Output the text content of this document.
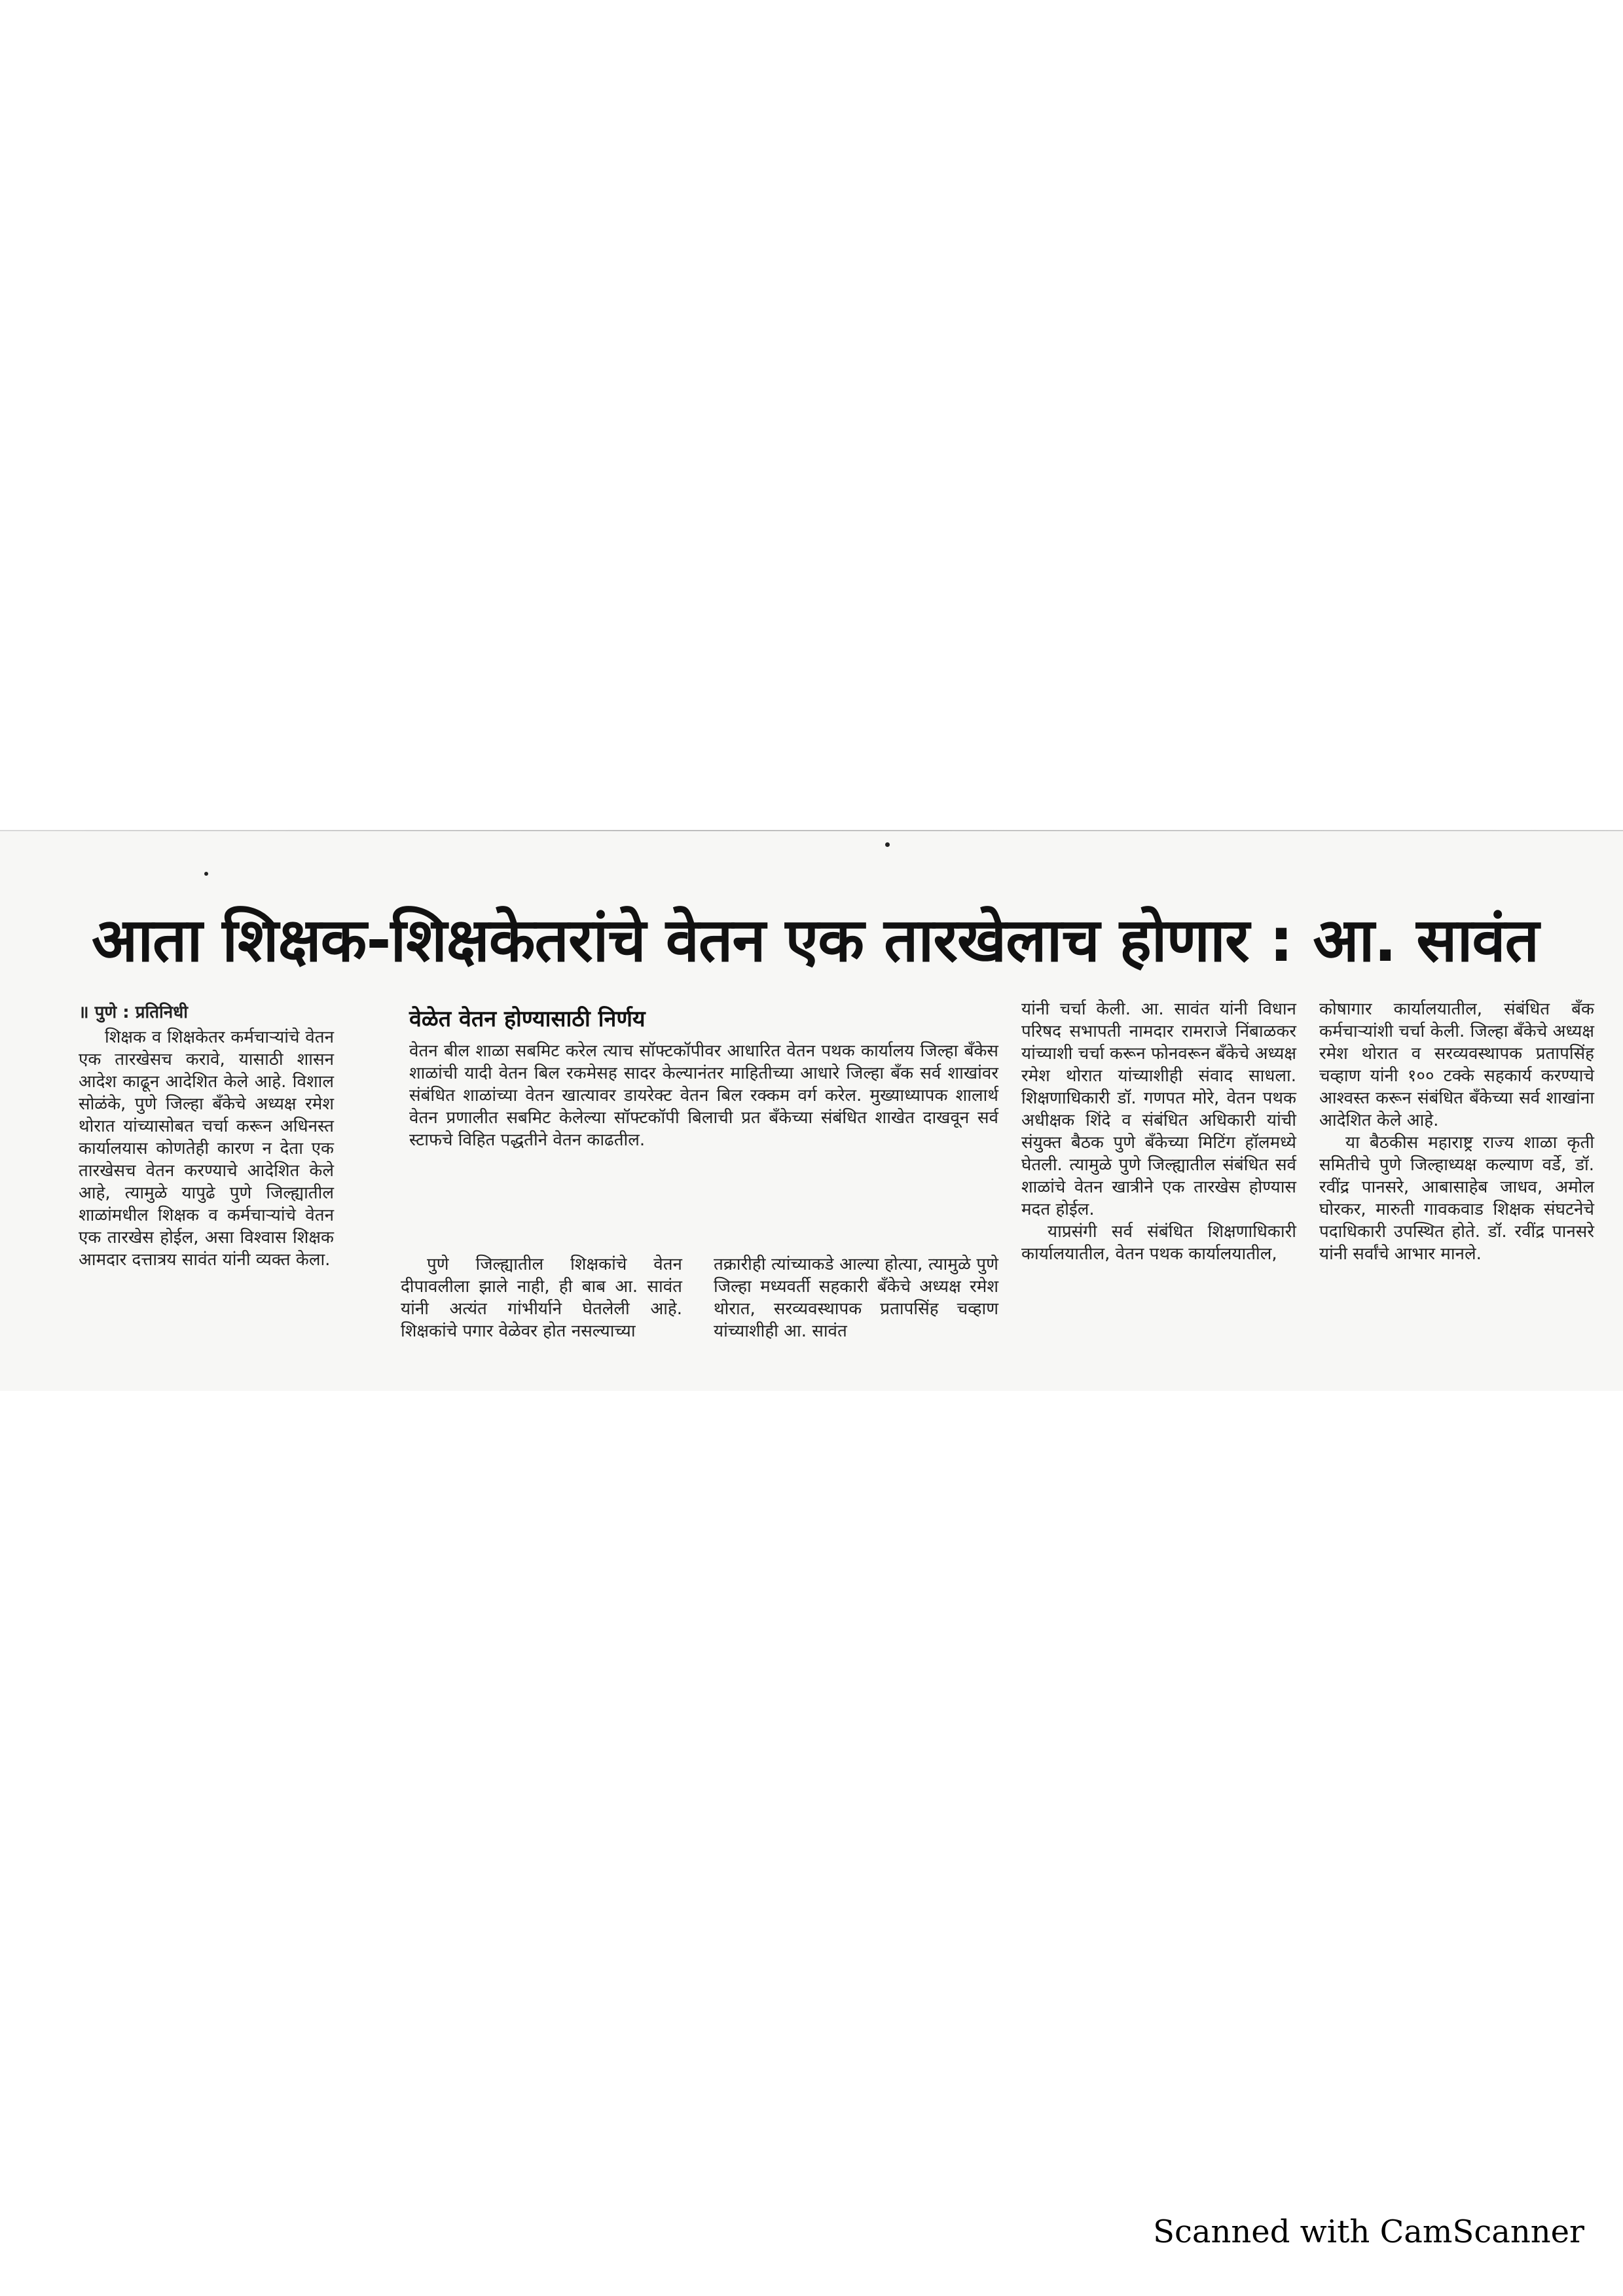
आता शिक्षक-शिक्षकेतरांचे वेतन एक तारखेलाच होणार : आ. सावंत
॥ पुणे : प्रतिनिधी

शिक्षक व शिक्षकेतर कर्मचाऱ्यांचे वेतन एक तारखेसच करावे, यासाठी शासन आदेश काढून आदेशित केले आहे. विशाल सोळंके, पुणे जिल्हा बँकेचे अध्यक्ष रमेश थोरात यांच्यासोबत चर्चा करून अधिनस्त कार्यालयास कोणतेही कारण न देता एक तारखेसच वेतन करण्याचे आदेशित केले आहे, त्यामुळे यापुढे पुणे जिल्ह्यातील शाळांमधील शिक्षक व कर्मचाऱ्यांचे वेतन एक तारखेस होईल, असा विश्वास शिक्षक आमदार दत्तात्रय सावंत यांनी व्यक्त केला.

वेळेत वेतन होण्यासाठी निर्णय

वेतन बील शाळा सबमिट करेल त्याच सॉफ्टकॉपीवर आधारित वेतन पथक कार्यालय जिल्हा बँकेस शाळांची यादी वेतन बिल रकमेसह सादर केल्यानंतर माहितीच्या आधारे जिल्हा बँक सर्व शाखांवर संबंधित शाळांच्या वेतन खात्यावर डायरेक्ट वेतन बिल रक्कम वर्ग करेल. मुख्याध्यापक शालार्थ वेतन प्रणालीत सबमिट केलेल्या सॉफ्टकॉपी बिलाची प्रत बँकेच्या संबंधित शाखेत दाखवून सर्व स्टाफचे विहित पद्धतीने वेतन काढतील.

पुणे जिल्ह्यातील शिक्षकांचे वेतन दीपावलीला झाले नाही, ही बाब आ. सावंत यांनी अत्यंत गांभीर्याने घेतलेली आहे. शिक्षकांचे पगार वेळेवर होत नसल्याच्या

तक्रारीही त्यांच्याकडे आल्या होत्या, त्यामुळे पुणे जिल्हा मध्यवर्ती सहकारी बँकेचे अध्यक्ष रमेश थोरात, सरव्यवस्थापक प्रतापसिंह चव्हाण यांच्याशीही आ. सावंत

यांनी चर्चा केली. आ. सावंत यांनी विधान परिषद सभापती नामदार रामराजे निंबाळकर यांच्याशी चर्चा करून फोनवरून बँकेचे अध्यक्ष रमेश थोरात यांच्याशीही संवाद साधला. शिक्षणाधिकारी डॉ. गणपत मोरे, वेतन पथक अधीक्षक शिंदे व संबंधित अधिकारी यांची संयुक्त बैठक पुणे बँकेच्या मिटिंग हॉलमध्ये घेतली. त्यामुळे पुणे जिल्ह्यातील संबंधित सर्व शाळांचे वेतन खात्रीने एक तारखेस होण्यास मदत होईल.

याप्रसंगी सर्व संबंधित शिक्षणाधिकारी कार्यालयातील, वेतन पथक कार्यालयातील,

कोषागार कार्यालयातील, संबंधित बँक कर्मचाऱ्यांशी चर्चा केली. जिल्हा बँकेचे अध्यक्ष रमेश थोरात व सरव्यवस्थापक प्रतापसिंह चव्हाण यांनी १०० टक्के सहकार्य करण्याचे आश्वस्त करून संबंधित बँकेच्या सर्व शाखांना आदेशित केले आहे.

या बैठकीस महाराष्ट्र राज्य शाळा कृती समितीचे पुणे जिल्हाध्यक्ष कल्याण वर्डे, डॉ. रवींद्र पानसरे, आबासाहेब जाधव, अमोल घोरकर, मारुती गावकवाड शिक्षक संघटनेचे पदाधिकारी उपस्थित होते. डॉ. रवींद्र पानसरे यांनी सर्वांचे आभार मानले.

Scanned with CamScanner
